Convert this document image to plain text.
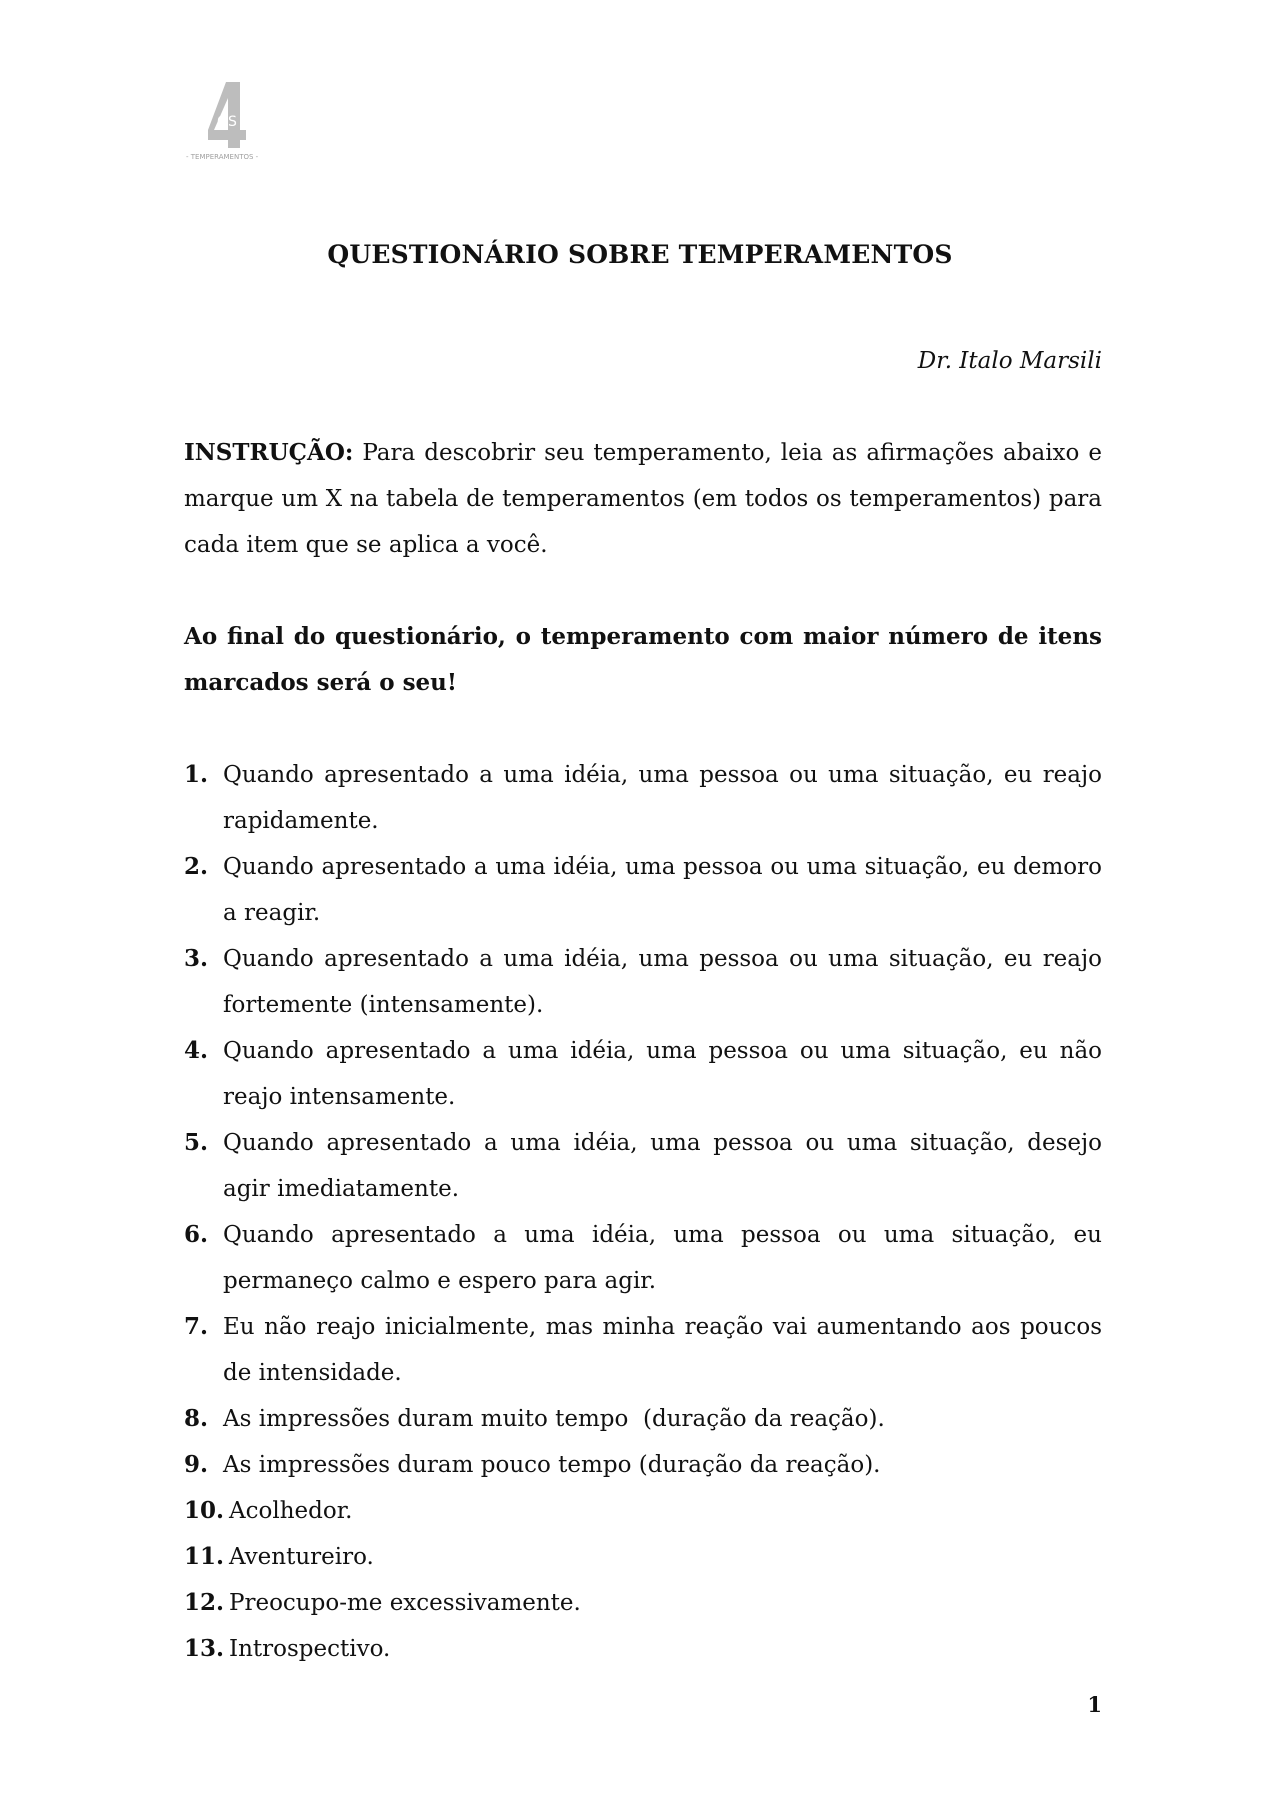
OS
- TEMPERAMENTOS -
QUESTIONÁRIO SOBRE TEMPERAMENTOS
Dr. Italo Marsili
INSTRUÇÃO: Para descobrir seu temperamento, leia as afirmações abaixo e marque um X na tabela de temperamentos (em todos os temperamentos) para cada item que se aplica a você.
Ao final do questionário, o temperamento com maior número de itens marcados será o seu!
1. Quando apresentado a uma idéia, uma pessoa ou uma situação, eu reajo rapidamente.
2. Quando apresentado a uma idéia, uma pessoa ou uma situação, eu demoro a reagir.
3. Quando apresentado a uma idéia, uma pessoa ou uma situação, eu reajo fortemente (intensamente).
4. Quando apresentado a uma idéia, uma pessoa ou uma situação, eu não reajo intensamente.
5. Quando apresentado a uma idéia, uma pessoa ou uma situação, desejo agir imediatamente.
6. Quando apresentado a uma idéia, uma pessoa ou uma situação, eu permaneço calmo e espero para agir.
7. Eu não reajo inicialmente, mas minha reação vai aumentando aos poucos de intensidade.
8. As impressões duram muito tempo  (duração da reação).
9. As impressões duram pouco tempo (duração da reação).
10. Acolhedor.
11. Aventureiro.
12. Preocupo-me excessivamente.
13. Introspectivo.
1
